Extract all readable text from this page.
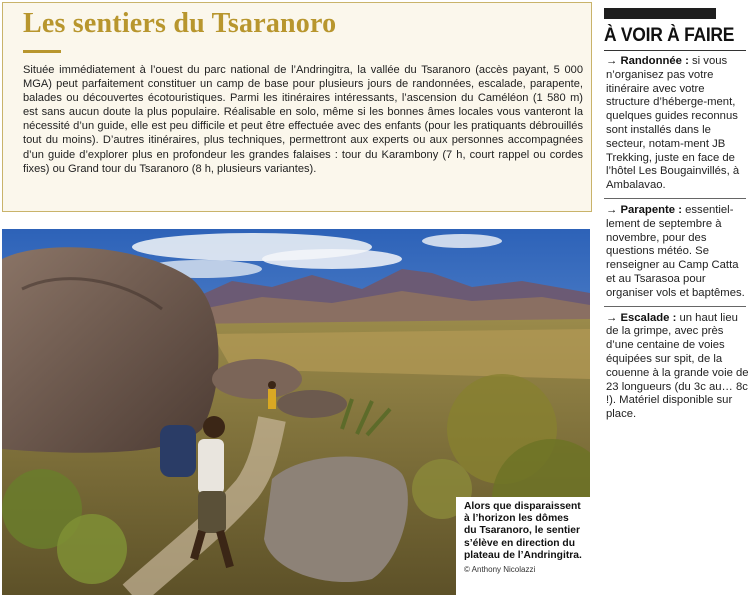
Les sentiers du Tsaranoro

Située immédiatement à l’ouest du parc national de l’Andringitra, la vallée du Tsaranoro (accès payant, 5 000 MGA) peut parfaitement constituer un camp de base pour plusieurs jours de randonnées, escalade, parapente, balades ou découvertes écotouristiques. Parmi les itinéraires intéressants, l’ascension du Caméléon (1 580 m) est sans aucun doute la plus populaire. Réalisable en solo, même si les bonnes âmes locales vous vanteront la nécessité d’un guide, elle est peu difficile et peut être effectuée avec des enfants (pour les pratiquants débrouillés tout du moins). D’autres itinéraires, plus techniques, permettront aux experts ou aux personnes accompagnées d’un guide d’explorer plus en profondeur les grandes falaises : tour du Karambony (7 h, court rappel ou cordes fixes) ou Grand tour du Tsaranoro (8 h, plusieurs variantes).

Alors que disparaissent à l’horizon les dômes du Tsaranoro, le sentier s’élève en direction du plateau de l’Andringitra.

© Anthony Nicolazzi

À VOIR À FAIRE

→ Randonnée : si vous n’organisez pas votre itinéraire avec votre structure d’héberge-ment, quelques guides reconnus sont installés dans le secteur, notam-ment JB Trekking, juste en face de l’hôtel Les Bougainvillés, à Ambalavao.

→ Parapente : essentiel-lement de septembre à novembre, pour des questions météo. Se renseigner au Camp Catta et au Tsarasoa pour organiser vols et baptêmes.

→ Escalade : un haut lieu de la grimpe, avec près d’une centaine de voies équipées sur spit, de la couenne à la grande voie de 23 longueurs (du 3c au… 8c !). Matériel disponible sur place.
